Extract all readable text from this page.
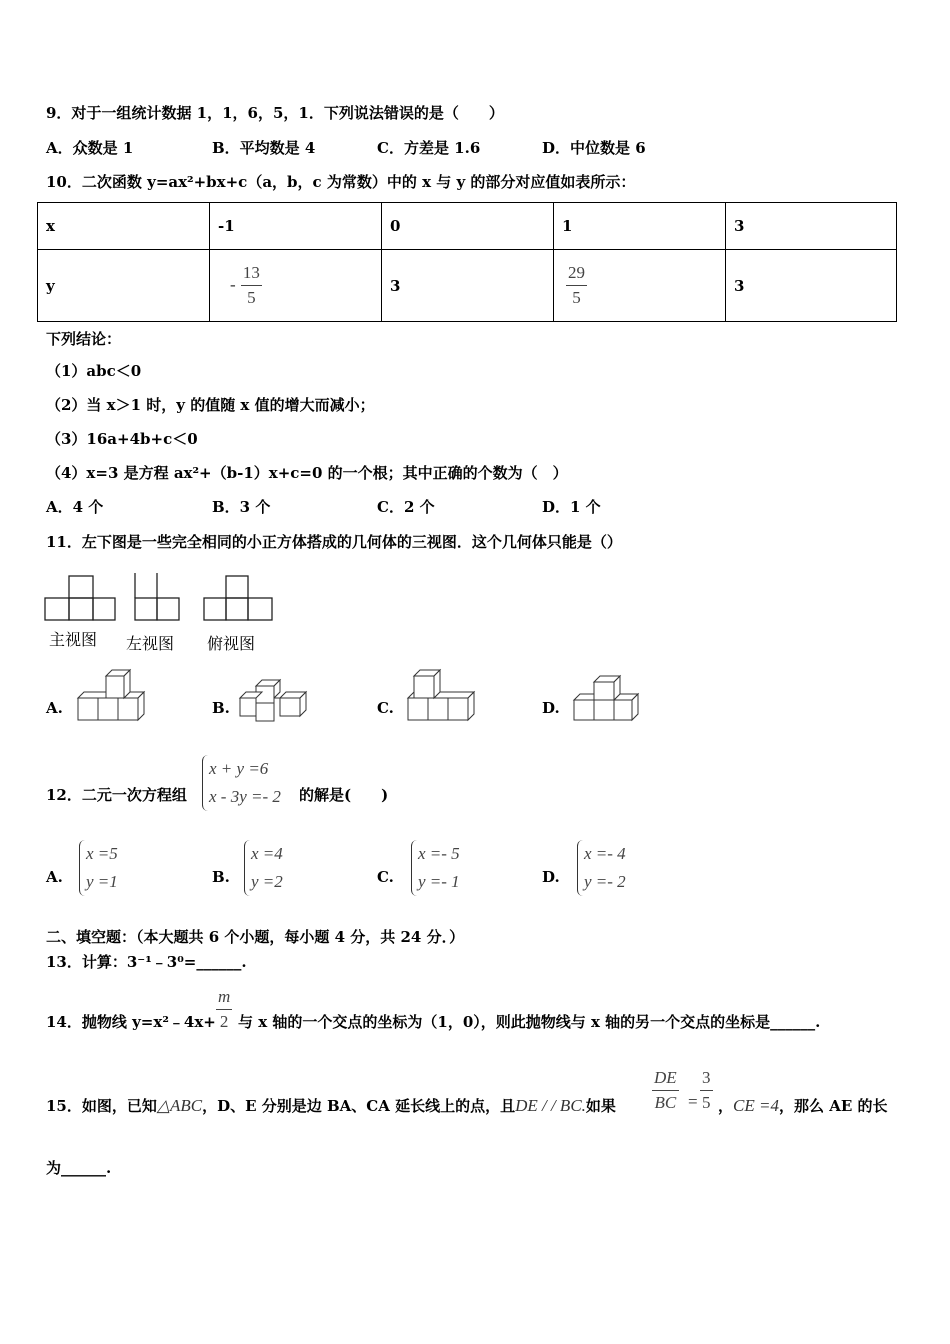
9．对于一组统计数据 1，1，6，5，1．下列说法错误的是（　　）
A．众数是 1	B．平均数是 4	C．方差是 1.6	D．中位数是 6
10．二次函数 y=ax²+bx+c（a，b，c 为常数）中的 x 与 y 的部分对应值如表所示：
x	-1	0	1	3
y	- $\frac{13}{5}$	3	$\frac{29}{5}$	3
下列结论：
（1）abc＜0
（2）当 x＞1 时，y 的值随 x 值的增大而减小；
（3）16a+4b+c＜0
（4）x=3 是方程 ax²+（b-1）x+c=0 的一个根；其中正确的个数为（　）
A．4 个	B．3 个	C．2 个	D．1 个
11．左下图是一些完全相同的小正方体搭成的几何体的三视图．这个几何体只能是（）
主视图 左视图 俯视图
A.	B.	C.	D.
12．二元一次方程组
x + y =6
x - 3y =- 2 的解是(　　)
A.
x =5
y =1	B.
x =4
y =2	C.
x =- 5
y =- 1	D.
x =- 4
y =- 2
二、填空题：（本大题共 6 个小题，每小题 4 分，共 24 分．）
13．计算：3⁻¹﹣3⁰=______.
14．抛物线 y=x²﹣4x+ $\frac{m}{2}$ 与 x 轴的一个交点的坐标为（1，0），则此抛物线与 x 轴的另一个交点的坐标是______.
15．如图，已知△ABC，D、E 分别是边 BA、CA 延长线上的点，且DE / / BC.如果 $\frac{DE}{BC} = \frac{3}{5}$ ，CE =4，那么 AE 的长
为______.
